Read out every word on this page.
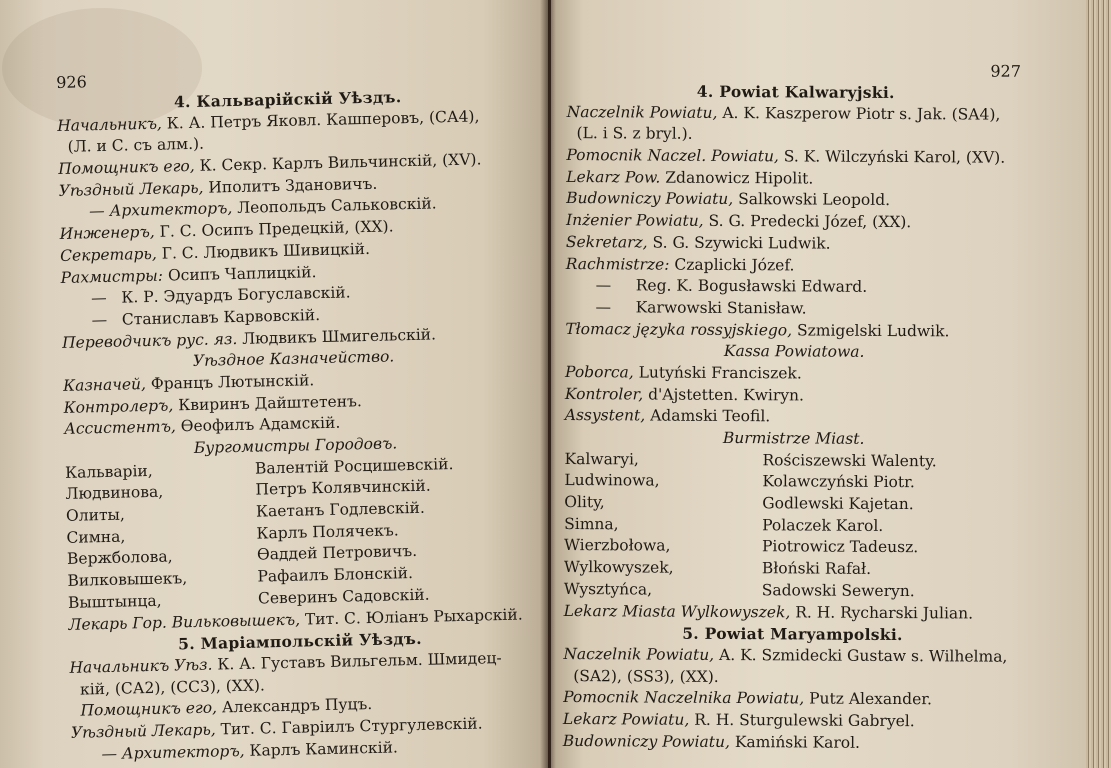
926
4. Кальварійскій Уѣздъ.
Начальникъ, К. А. Петръ Яковл. Кашперовъ, (СА4),
(Л. и С. съ алм.).
Помощникъ его, К. Секр. Карлъ Вильчинскій, (XV).
Уѣздный Лекарь, Иполитъ Здановичъ.
— Архитекторъ, Леопольдъ Сальковскій.
Инженеръ, Г. С. Осипъ Предецкій, (XX).
Секретарь, Г. С. Людвикъ Шивицкій.
Рахмистры: Осипъ Чаплицкій.
— К. Р. Эдуардъ Богуславскій.
— Станиславъ Карвовскій.
Переводчикъ рус. яз. Людвикъ Шмигельскій.
Уѣздное Казначейство.
Казначей, Францъ Лютынскій.
Контролеръ, Квиринъ Дайштетенъ.
Ассистентъ, Ѳеофилъ Адамскій.
Бургомистры Городовъ.
Кальваріи,	Валентій Росцишевскій.
Людвинова,	Петръ Колявчинскій.
Олиты,	Каетанъ Годлевскій.
Симна,	Карлъ Полячекъ.
Вержболова,	Ѳаддей Петровичъ.
Вилковышекъ,	Рафаилъ Блонскій.
Выштынца,	Северинъ Садовскій.
Лекарь Гор. Вильковышекъ, Тит. С. Юліанъ Рыхарскій.
5. Маріампольскій Уѣздъ.
Начальникъ Уѣз. К. А. Густавъ Вильгельм. Шмидец-
кій, (СА2), (СС3), (XX).
Помощникъ его, Александръ Пуцъ.
Уѣздный Лекарь, Тит. С. Гавріилъ Стургулевскій.
— Архитекторъ, Карлъ Каминскій.
927
4. Powiat Kalwaryjski.
Naczelnik Powiatu, A. K. Kaszperow Piotr s. Jak. (SA4),
(L. i S. z bryl.).
Pomocnik Naczel. Powiatu, S. K. Wilczyński Karol, (XV).
Lekarz Pow. Zdanowicz Hipolit.
Budowniczy Powiatu, Salkowski Leopold.
Inżenier Powiatu, S. G. Predecki Józef, (XX).
Sekretarz, S. G. Szywicki Ludwik.
Rachmistrze: Czaplicki Józef.
— Reg. K. Bogusławski Edward.
— Karwowski Stanisław.
Tłomacz języka rossyjskiego, Szmigelski Ludwik.
Kassa Powiatowa.
Poborca, Lutyński Franciszek.
Kontroler, d'Ajstetten. Kwiryn.
Assystent, Adamski Teofil.
Burmistrze Miast.
Kalwaryi,	Rościszewski Walenty.
Ludwinowa,	Kolawczyński Piotr.
Olity,	Godlewski Kajetan.
Simna,	Polaczek Karol.
Wierzbołowa,	Piotrowicz Tadeusz.
Wylkowyszek,	Błoński Rafał.
Wysztyńca,	Sadowski Seweryn.
Lekarz Miasta Wylkowyszek, R. H. Rycharski Julian.
5. Powiat Maryampolski.
Naczelnik Powiatu, A. K. Szmidecki Gustaw s. Wilhelma,
(SA2), (SS3), (XX).
Pomocnik Naczelnika Powiatu, Putz Alexander.
Lekarz Powiatu, R. H. Sturgulewski Gabryel.
Budowniczy Powiatu, Kamiński Karol.
